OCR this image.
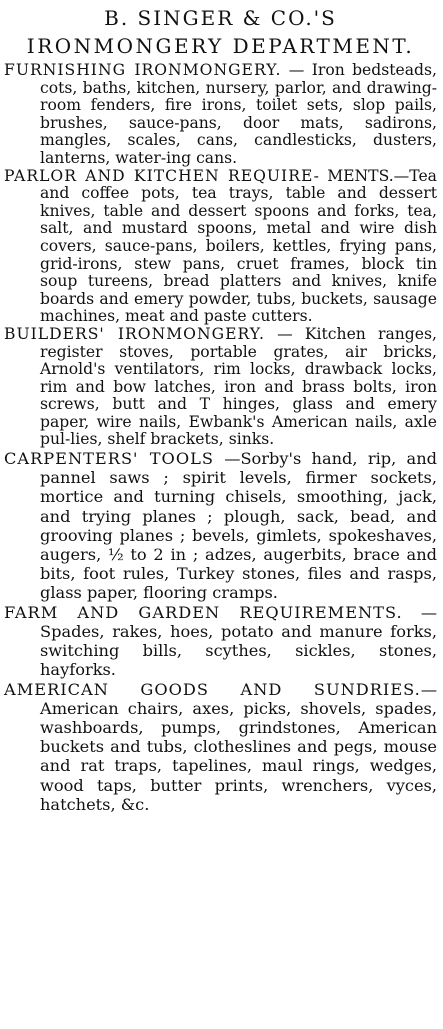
B. SINGER & CO.'S
IRONMONGERY DEPARTMENT.

FURNISHING IRONMONGERY. — Iron bedsteads, cots, baths, kitchen, nursery, parlor, and drawing-room fenders, fire irons, toilet sets, slop pails, brushes, sauce-pans, door mats, sadirons, mangles, scales, cans, candlesticks, dusters, lanterns, water-ing cans.

PARLOR AND KITCHEN REQUIRE- MENTS.—Tea and coffee pots, tea trays, table and dessert knives, table and dessert spoons and forks, tea, salt, and mustard spoons, metal and wire dish covers, sauce-pans, boilers, kettles, frying pans, grid-irons, stew pans, cruet frames, block tin soup tureens, bread platters and knives, knife boards and emery powder, tubs, buckets, sausage machines, meat and paste cutters.

BUILDERS' IRONMONGERY. — Kitchen ranges, register stoves, portable grates, air bricks, Arnold's ventilators, rim locks, drawback locks, rim and bow latches, iron and brass bolts, iron screws, butt and T hinges, glass and emery paper, wire nails, Ewbank's American nails, axle pul-lies, shelf brackets, sinks.

CARPENTERS' TOOLS —Sorby's hand, rip, and pannel saws ; spirit levels, firmer sockets, mortice and turning chisels, smoothing, jack, and trying planes ; plough, sack, bead, and grooving planes ; bevels, gimlets, spokeshaves, augers, ½ to 2 in ; adzes, augerbits, brace and bits, foot rules, Turkey stones, files and rasps, glass paper, flooring cramps.

FARM AND GARDEN REQUIREMENTS. —Spades, rakes, hoes, potato and manure forks, switching bills, scythes, sickles, stones, hayforks.

AMERICAN GOODS AND SUNDRIES.— American chairs, axes, picks, shovels, spades, washboards, pumps, grindstones, American buckets and tubs, clotheslines and pegs, mouse and rat traps, tapelines, maul rings, wedges, wood taps, butter prints, wrenchers, vyces, hatchets, &c.
